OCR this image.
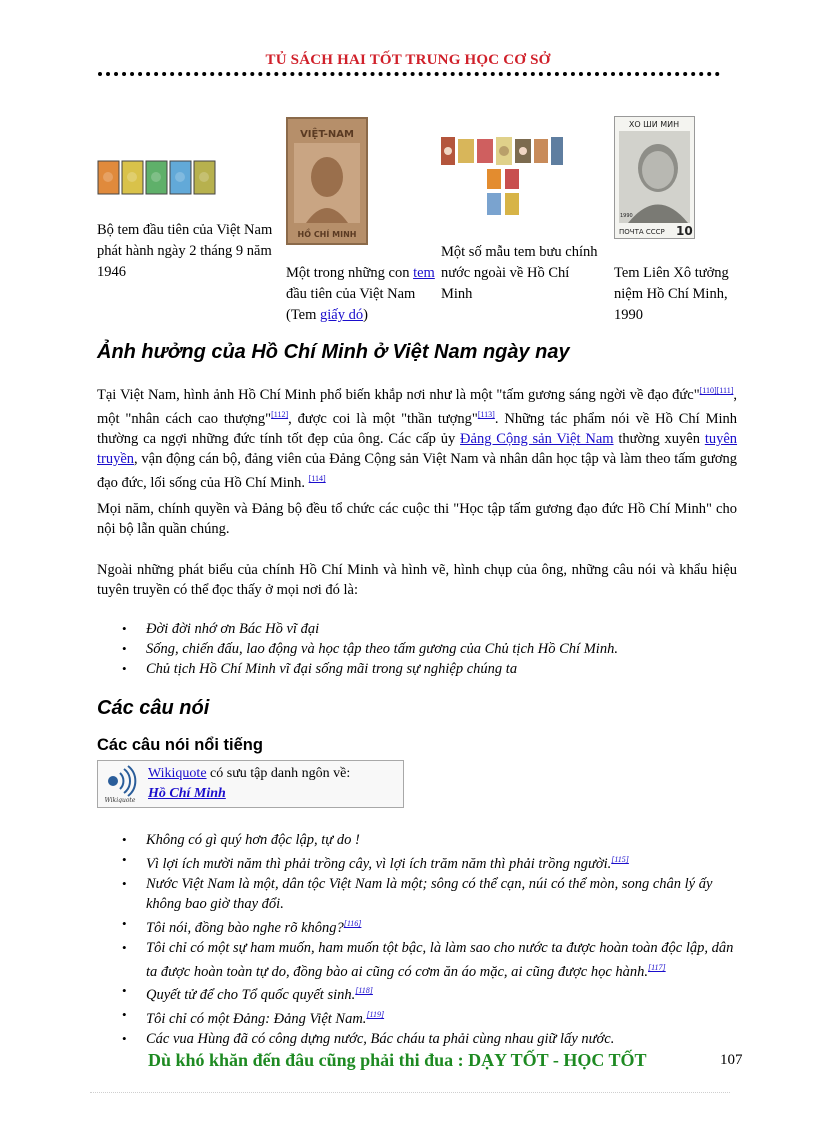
TỦ SÁCH HAI TỐT TRUNG HỌC CƠ SỞ
Bộ tem đầu tiên của Việt Nam phát hành ngày 2 tháng 9 năm 1946
VIỆT-NAM
HỒ CHÍ MINH
Một trong những con tem đầu tiên của Việt Nam (Tem giấy dó)
Một số mẫu tem bưu chính nước ngoài về Hồ Chí Minh
ХО ШИ МИН
1990
ПОЧТА СССР 10
Tem Liên Xô tưởng niệm Hồ Chí Minh, 1990
Ảnh hưởng của Hồ Chí Minh ở Việt Nam ngày nay
Tại Việt Nam, hình ảnh Hồ Chí Minh phổ biến khắp nơi như là một "tấm gương sáng ngời về đạo đức"[110][111], một "nhân cách cao thượng"[112], được coi là một "thần tượng"[113]. Những tác phẩm nói về Hồ Chí Minh thường ca ngợi những đức tính tốt đẹp của ông. Các cấp ủy Đảng Cộng sản Việt Nam thường xuyên tuyên truyền, vận động cán bộ, đảng viên của Đảng Cộng sản Việt Nam và nhân dân học tập và làm theo tấm gương đạo đức, lối sống của Hồ Chí Minh. [114]
Mọi năm, chính quyền và Đảng bộ đều tổ chức các cuộc thi "Học tập tấm gương đạo đức Hồ Chí Minh" cho nội bộ lẫn quần chúng.
Ngoài những phát biểu của chính Hồ Chí Minh và hình vẽ, hình chụp của ông, những câu nói và khẩu hiệu tuyên truyền có thể đọc thấy ở mọi nơi đó là:
• Đời đời nhớ ơn Bác Hồ vĩ đại
• Sống, chiến đấu, lao động và học tập theo tấm gương của Chủ tịch Hồ Chí Minh.
• Chủ tịch Hồ Chí Minh vĩ đại sống mãi trong sự nghiệp chúng ta
Các câu nói
Các câu nói nổi tiếng
Wikiquote
Wikiquote có sưu tập danh ngôn về:
Hồ Chí Minh
• Không có gì quý hơn độc lập, tự do !
• Vì lợi ích mười năm thì phải trồng cây, vì lợi ích trăm năm thì phải trồng người.[115]
• Nước Việt Nam là một, dân tộc Việt Nam là một; sông có thể cạn, núi có thể mòn, song chân lý ấy không bao giờ thay đổi.
• Tôi nói, đồng bào nghe rõ không?[116]
• Tôi chỉ có một sự ham muốn, ham muốn tột bậc, là làm sao cho nước ta được hoàn toàn độc lập, dân ta được hoàn toàn tự do, đồng bào ai cũng có cơm ăn áo mặc, ai cũng được học hành.[117]
• Quyết tử để cho Tổ quốc quyết sinh.[118]
• Tôi chỉ có một Đảng: Đảng Việt Nam.[119]
• Các vua Hùng đã có công dựng nước, Bác cháu ta phải cùng nhau giữ lấy nước.
Dù khó khăn đến đâu cũng phải thi đua : DẠY TỐT - HỌC TỐT	107
